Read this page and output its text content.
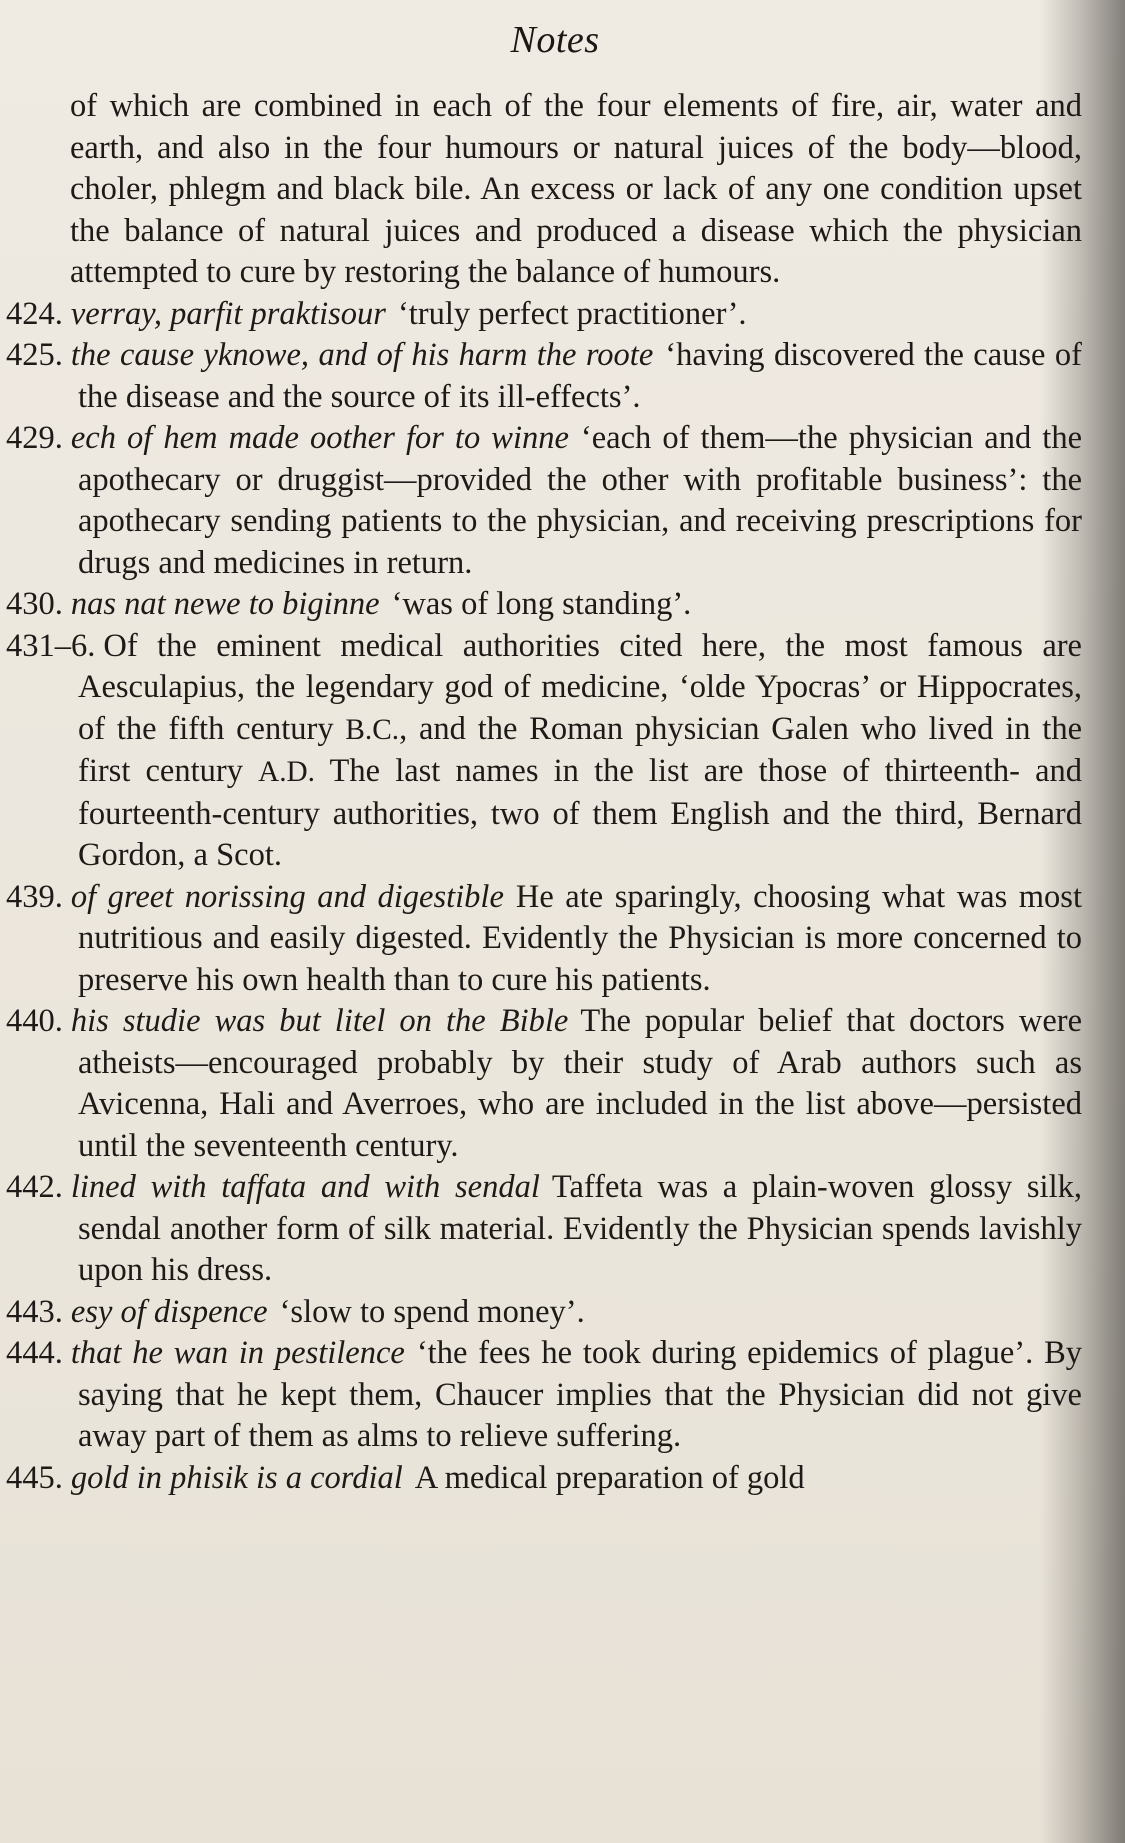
Notes

of which are combined in each of the four elements of fire, air, water and earth, and also in the four humours or natural juices of the body—blood, choler, phlegm and black bile. An excess or lack of any one condition upset the balance of natural juices and produced a disease which the physician attempted to cure by restoring the balance of humours.

424. verray, parfit praktisour ‘truly perfect practitioner’.

425. the cause yknowe, and of his harm the roote ‘having discovered the cause of the disease and the source of its ill-effects’.

429. ech of hem made oother for to winne ‘each of them—the physician and the apothecary or druggist—provided the other with profitable business’: the apothecary sending patients to the physician, and receiving prescriptions for drugs and medicines in return.

430. nas nat newe to biginne ‘was of long standing’.

431–6. Of the eminent medical authorities cited here, the most famous are Aesculapius, the legendary god of medicine, ‘olde Ypocras’ or Hippocrates, of the fifth century B.C., and the Roman physician Galen who lived in the first century A.D. The last names in the list are those of thirteenth- and fourteenth-century authorities, two of them English and the third, Bernard Gordon, a Scot.

439. of greet norissing and digestible He ate sparingly, choosing what was most nutritious and easily digested. Evidently the Physician is more concerned to preserve his own health than to cure his patients.

440. his studie was but litel on the Bible The popular belief that doctors were atheists—encouraged probably by their study of Arab authors such as Avicenna, Hali and Averroes, who are included in the list above—persisted until the seventeenth century.

442. lined with taffata and with sendal Taffeta was a plain-woven glossy silk, sendal another form of silk material. Evidently the Physician spends lavishly upon his dress.

443. esy of dispence ‘slow to spend money’.

444. that he wan in pestilence ‘the fees he took during epidemics of plague’. By saying that he kept them, Chaucer implies that the Physician did not give away part of them as alms to relieve suffering.

445. gold in phisik is a cordial A medical preparation of gold
